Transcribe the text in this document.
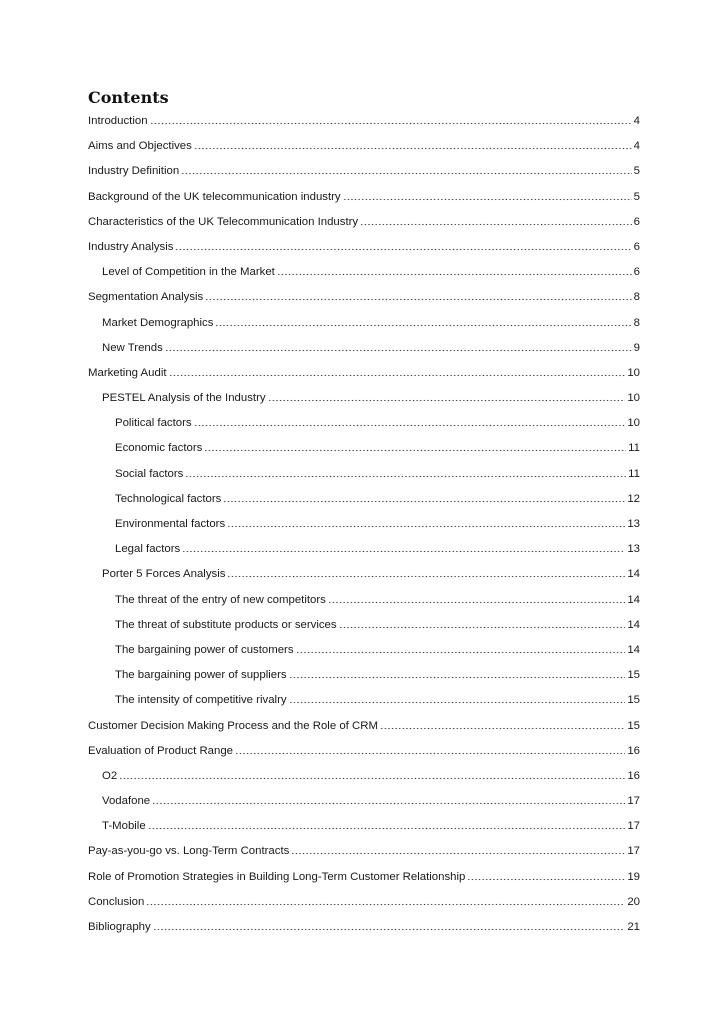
Contents
Introduction	4
Aims and Objectives	4
Industry Definition	5
Background of the UK telecommunication industry	5
Characteristics of the UK Telecommunication Industry	6
Industry Analysis	6
Level of Competition in the Market	6
Segmentation Analysis	8
Market Demographics	8
New Trends	9
Marketing Audit	10
PESTEL Analysis of the Industry	10
Political factors	10
Economic factors	11
Social factors	11
Technological factors	12
Environmental factors	13
Legal factors	13
Porter 5 Forces Analysis	14
The threat of the entry of new competitors	14
The threat of substitute products or services	14
The bargaining power of customers	14
The bargaining power of suppliers	15
The intensity of competitive rivalry	15
Customer Decision Making Process and the Role of CRM	15
Evaluation of Product Range	16
O2	16
Vodafone	17
T-Mobile	17
Pay-as-you-go vs. Long-Term Contracts	17
Role of Promotion Strategies in Building Long-Term Customer Relationship	19
Conclusion	20
Bibliography	21
